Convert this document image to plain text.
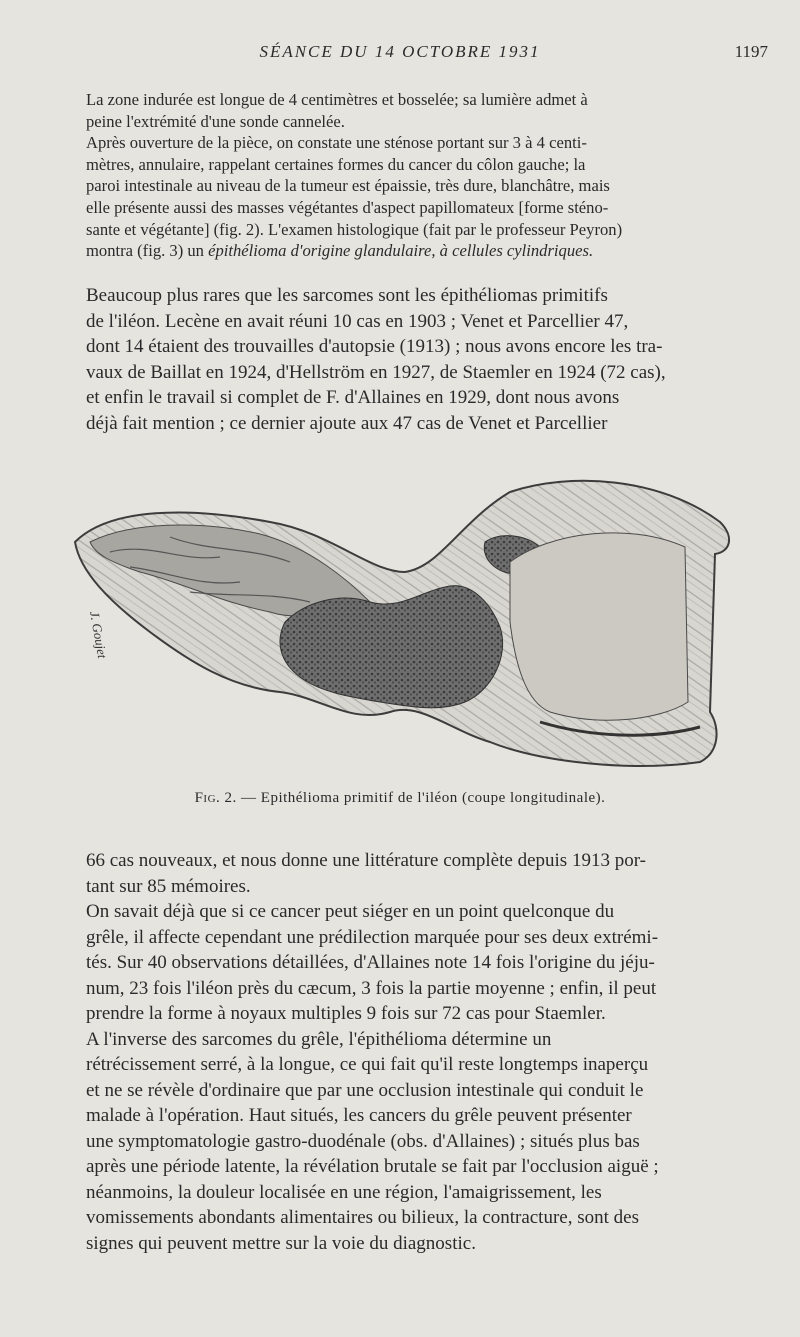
SÉANCE DU 14 OCTOBRE 1931	1197
La zone indurée est longue de 4 centimètres et bosselée; sa lumière admet à
peine l'extrémité d'une sonde cannelée.
Après ouverture de la pièce, on constate une sténose portant sur 3 à 4 centi-
mètres, annulaire, rappelant certaines formes du cancer du côlon gauche; la
paroi intestinale au niveau de la tumeur est épaissie, très dure, blanchâtre, mais
elle présente aussi des masses végétantes d'aspect papillomateux [forme sténo-
sante et végétante] (fig. 2). L'examen histologique (fait par le professeur Peyron)
montra (fig. 3) un épithélioma d'origine glandulaire, à cellules cylindriques.
Beaucoup plus rares que les sarcomes sont les épithéliomas primitifs
de l'iléon. Lecène en avait réuni 10 cas en 1903 ; Venet et Parcellier 47,
dont 14 étaient des trouvailles d'autopsie (1913) ; nous avons encore les tra-
vaux de Baillat en 1924, d'Hellström en 1927, de Staemler en 1924 (72 cas),
et enfin le travail si complet de F. d'Allaines en 1929, dont nous avons
déjà fait mention ; ce dernier ajoute aux 47 cas de Venet et Parcellier
J. Goujet
Fig. 2. — Epithélioma primitif de l'iléon (coupe longitudinale).
66 cas nouveaux, et nous donne une littérature complète depuis 1913 por-
tant sur 85 mémoires.
On savait déjà que si ce cancer peut siéger en un point quelconque du
grêle, il affecte cependant une prédilection marquée pour ses deux extrémi-
tés. Sur 40 observations détaillées, d'Allaines note 14 fois l'origine du jéju-
num, 23 fois l'iléon près du cæcum, 3 fois la partie moyenne ; enfin, il peut
prendre la forme à noyaux multiples 9 fois sur 72 cas pour Staemler.
A l'inverse des sarcomes du grêle, l'épithélioma détermine un
rétrécissement serré, à la longue, ce qui fait qu'il reste longtemps inaperçu
et ne se révèle d'ordinaire que par une occlusion intestinale qui conduit le
malade à l'opération. Haut situés, les cancers du grêle peuvent présenter
une symptomatologie gastro-duodénale (obs. d'Allaines) ; situés plus bas
après une période latente, la révélation brutale se fait par l'occlusion aiguë ;
néanmoins, la douleur localisée en une région, l'amaigrissement, les
vomissements abondants alimentaires ou bilieux, la contracture, sont des
signes qui peuvent mettre sur la voie du diagnostic.
